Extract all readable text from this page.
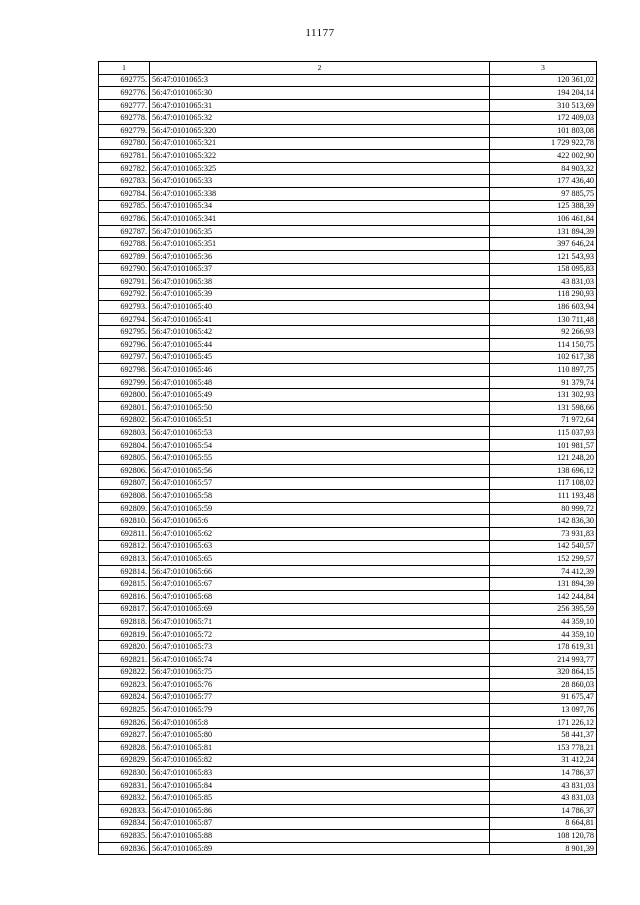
11177
1	2	3
692775.	56:47:0101065:3	120 361,02
692776.	56:47:0101065:30	194 204,14
692777.	56:47:0101065:31	310 513,69
692778.	56:47:0101065:32	172 409,03
692779.	56:47:0101065:320	101 803,08
692780.	56:47:0101065:321	1 729 922,78
692781.	56:47:0101065:322	422 002,90
692782.	56:47:0101065:325	84 903,32
692783.	56:47:0101065:33	177 436,40
692784.	56:47:0101065:338	97 885,75
692785.	56:47:0101065:34	125 388,39
692786.	56:47:0101065:341	106 461,84
692787.	56:47:0101065:35	131 894,39
692788.	56:47:0101065:351	397 646,24
692789.	56:47:0101065:36	121 543,93
692790.	56:47:0101065:37	158 095,83
692791.	56:47:0101065:38	43 831,03
692792.	56:47:0101065:39	118 290,93
692793.	56:47:0101065:40	186 603,94
692794.	56:47:0101065:41	130 711,48
692795.	56:47:0101065:42	92 266,93
692796.	56:47:0101065:44	114 150,75
692797.	56:47:0101065:45	102 617,38
692798.	56:47:0101065:46	110 897,75
692799.	56:47:0101065:48	91 379,74
692800.	56:47:0101065:49	131 302,93
692801.	56:47:0101065:50	131 598,66
692802.	56:47:0101065:51	71 972,64
692803.	56:47:0101065:53	115 037,93
692804.	56:47:0101065:54	101 981,57
692805.	56:47:0101065:55	121 248,20
692806.	56:47:0101065:56	138 696,12
692807.	56:47:0101065:57	117 108,02
692808.	56:47:0101065:58	111 193,48
692809.	56:47:0101065:59	80 999,72
692810.	56:47:0101065:6	142 836,30
692811.	56:47:0101065:62	73 931,83
692812.	56:47:0101065:63	142 540,57
692813.	56:47:0101065:65	152 299,57
692814.	56:47:0101065:66	74 412,39
692815.	56:47:0101065:67	131 894,39
692816.	56:47:0101065:68	142 244,84
692817.	56:47:0101065:69	256 395,59
692818.	56:47:0101065:71	44 359,10
692819.	56:47:0101065:72	44 359,10
692820.	56:47:0101065:73	178 619,31
692821.	56:47:0101065:74	214 993,77
692822.	56:47:0101065:75	320 864,15
692823.	56:47:0101065:76	28 860,03
692824.	56:47:0101065:77	91 675,47
692825.	56:47:0101065:79	13 097,76
692826.	56:47:0101065:8	171 226,12
692827.	56:47:0101065:80	58 441,37
692828.	56:47:0101065:81	153 778,21
692829.	56:47:0101065:82	31 412,24
692830.	56:47:0101065:83	14 786,37
692831.	56:47:0101065:84	43 831,03
692832.	56:47:0101065:85	43 831,03
692833.	56:47:0101065:86	14 786,37
692834.	56:47:0101065:87	8 664,81
692835.	56:47:0101065:88	108 120,78
692836.	56:47:0101065:89	8 901,39
